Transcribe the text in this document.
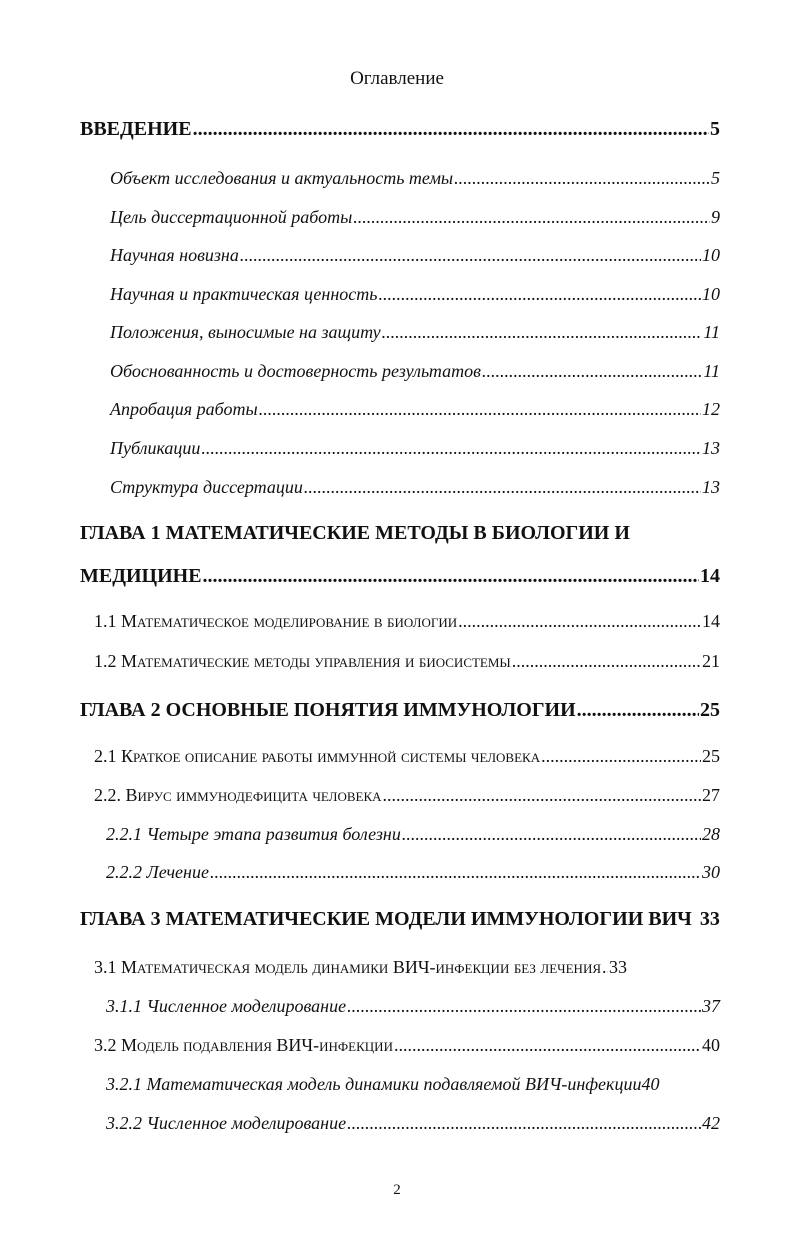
Оглавление
ВВЕДЕНИЕ .....	5
Объект исследования и актуальность темы .....	5
Цель диссертационной работы .....	9
Научная новизна .....	10
Научная и практическая ценность .....	10
Положения, выносимые на защиту .....	11
Обоснованность и достоверность результатов .....	11
Апробация работы .....	12
Публикации .....	13
Структура диссертации .....	13
ГЛАВА 1 МАТЕМАТИЧЕСКИЕ МЕТОДЫ В БИОЛОГИИ И
МЕДИЦИНЕ .....	14
1.1 Математическое моделирование в биологии .....	14
1.2 Математические методы управления и биосистемы .....	21
ГЛАВА 2 ОСНОВНЫЕ ПОНЯТИЯ ИММУНОЛОГИИ .....	25
2.1 Краткое описание работы иммунной системы человека .....	25
2.2. Вирус иммунодефицита человека .....	27
2.2.1 Четыре этапа развития болезни .....	28
2.2.2 Лечение .....	30
ГЛАВА 3 МАТЕМАТИЧЕСКИЕ МОДЕЛИ ИММУНОЛОГИИ ВИЧ 33
3.1 Математическая модель динамики ВИЧ-инфекции без лечения ..... 33
3.1.1 Численное моделирование .....	37
3.2 Модель подавления ВИЧ-инфекции .....	40
3.2.1 Математическая модель динамики подавляемой ВИЧ-инфекции 40
3.2.2 Численное моделирование .....	42
2
